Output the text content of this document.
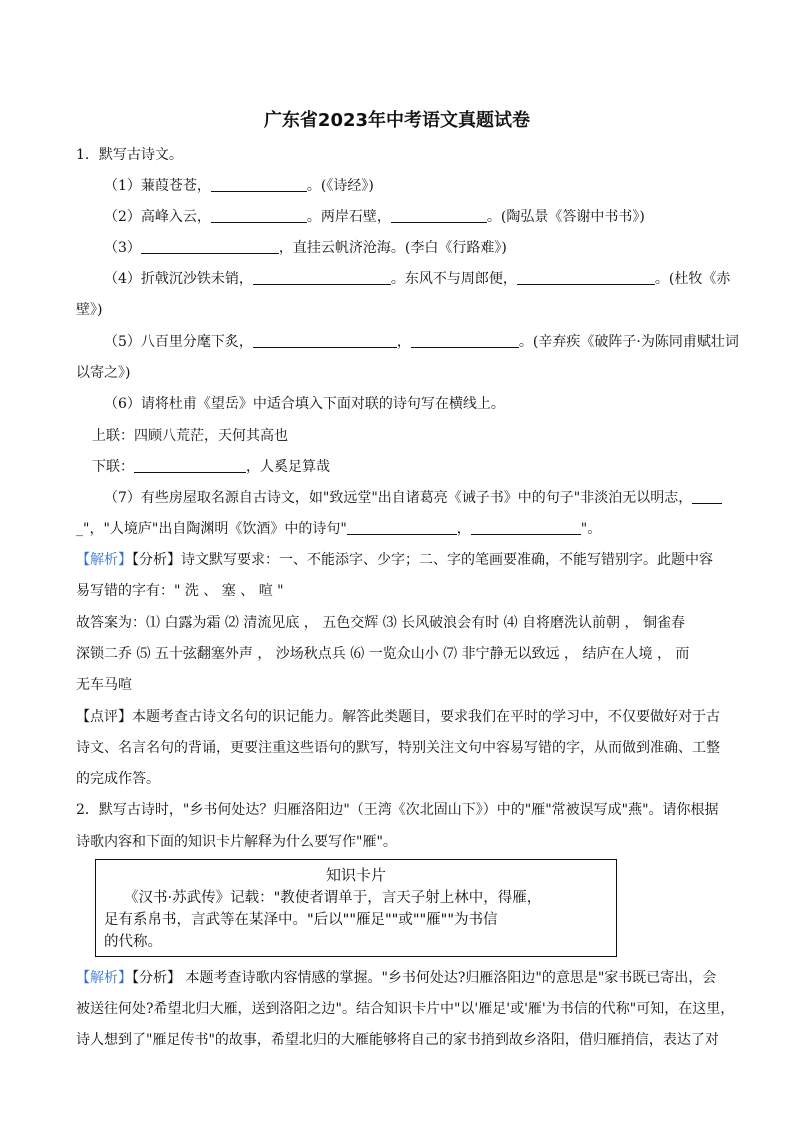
广东省2023年中考语文真题试卷
1．默写古诗文。
（1）蒹葭苍苍，	。(《诗经》)
（2）高峰入云，	。两岸石壁，	。(陶弘景《答谢中书书》)
（3）	，直挂云帆济沧海。(李白《行路难》)
（4）折戟沉沙铁未销，	。东风不与周郎便，	。(杜牧《赤
壁》)
（5）八百里分麾下炙，	，	。(辛弃疾《破阵子·为陈同甫赋壮词
以寄之》)
（6）请将杜甫《望岳》中适合填入下面对联的诗句写在横线上。
上联：四顾八荒茫，天何其高也
下联：	，人奚足算哉
（7）有些房屋取名源自古诗文，如"致远堂"出自诸葛亮《诫子书》中的句子"非淡泊无以明志，
_"，"人境庐"出自陶渊明《饮酒》中的诗句"	，	"。
【解析】【分析】诗文默写要求：一、不能添字、少字；二、字的笔画要准确，不能写错别字。此题中容
易写错的字有：" 洗 、 塞 、 喧 "
故答案为：⑴ 白露为霜 ⑵ 清流见底 ， 五色交辉 ⑶ 长风破浪会有时 ⑷ 自将磨洗认前朝 ， 铜雀春
深锁二乔 ⑸ 五十弦翻塞外声 ， 沙场秋点兵 ⑹ 一览众山小 ⑺ 非宁静无以致远 ， 结庐在人境 ， 而
无车马喧
【点评】本题考查古诗文名句的识记能力。解答此类题目，要求我们在平时的学习中，不仅要做好对于古
诗文、名言名句的背诵，更要注重这些语句的默写，特别关注文句中容易写错的字，从而做到准确、工整
的完成作答。
2．默写古诗时，"乡书何处达？归雁洛阳边"（王湾《次北固山下》）中的"雁"常被误写成"燕"。请你根据
诗歌内容和下面的知识卡片解释为什么要写作"雁"。
知识卡片
《汉书·苏武传》记载："教使者谓单于，言天子射上林中，得雁，
足有系帛书，言武等在某泽中。"后以""雁足""或""雁""为书信
的代称。
【解析】【分析】 本题考查诗歌内容情感的掌握。"乡书何处达?归雁洛阳边"的意思是"家书既已寄出，会
被送往何处?希望北归大雁，送到洛阳之边"。结合知识卡片中"以'雁足'或'雁'为书信的代称"可知，在这里，
诗人想到了"雁足传书"的故事，希望北归的大雁能够将自己的家书捎到故乡洛阳，借归雁捎信，表达了对
